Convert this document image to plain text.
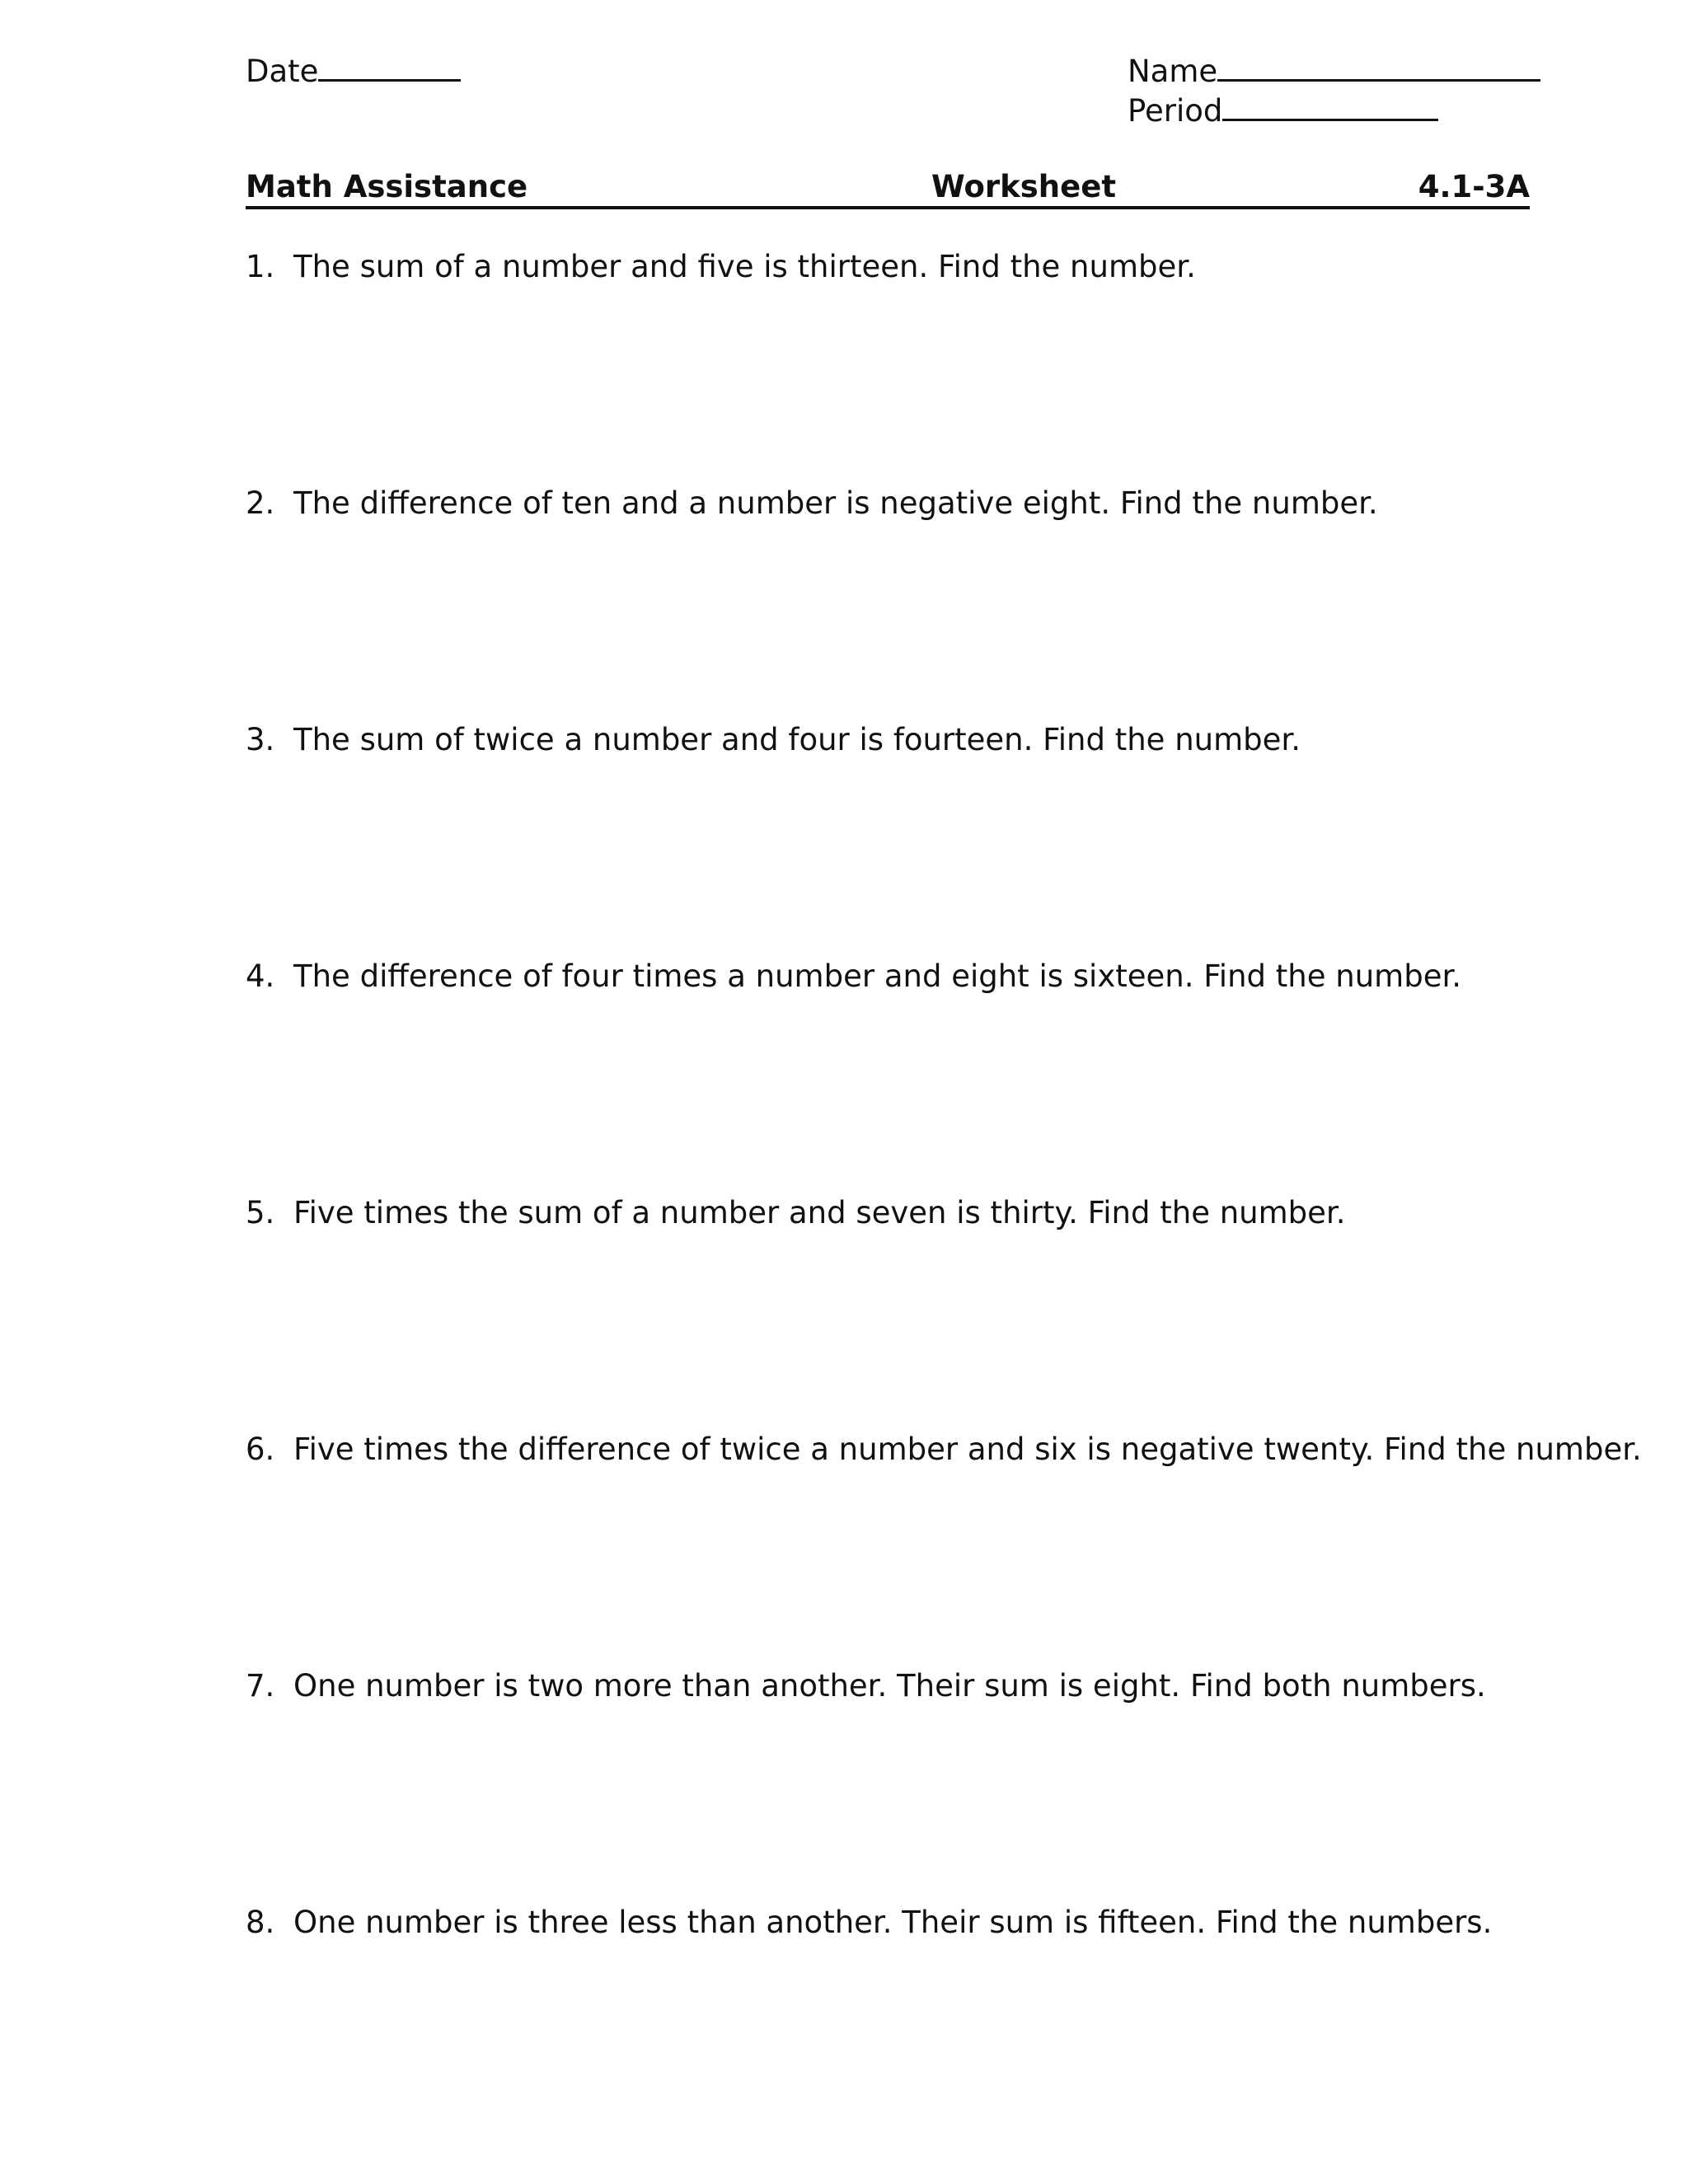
Date	Name
Period
Math Assistance	Worksheet	4.1-3A
1. The sum of a number and five is thirteen. Find the number.
2. The difference of ten and a number is negative eight. Find the number.
3. The sum of twice a number and four is fourteen. Find the number.
4. The difference of four times a number and eight is sixteen. Find the number.
5. Five times the sum of a number and seven is thirty. Find the number.
6. Five times the difference of twice a number and six is negative twenty. Find the number.
7. One number is two more than another. Their sum is eight. Find both numbers.
8. One number is three less than another. Their sum is fifteen. Find the numbers.
